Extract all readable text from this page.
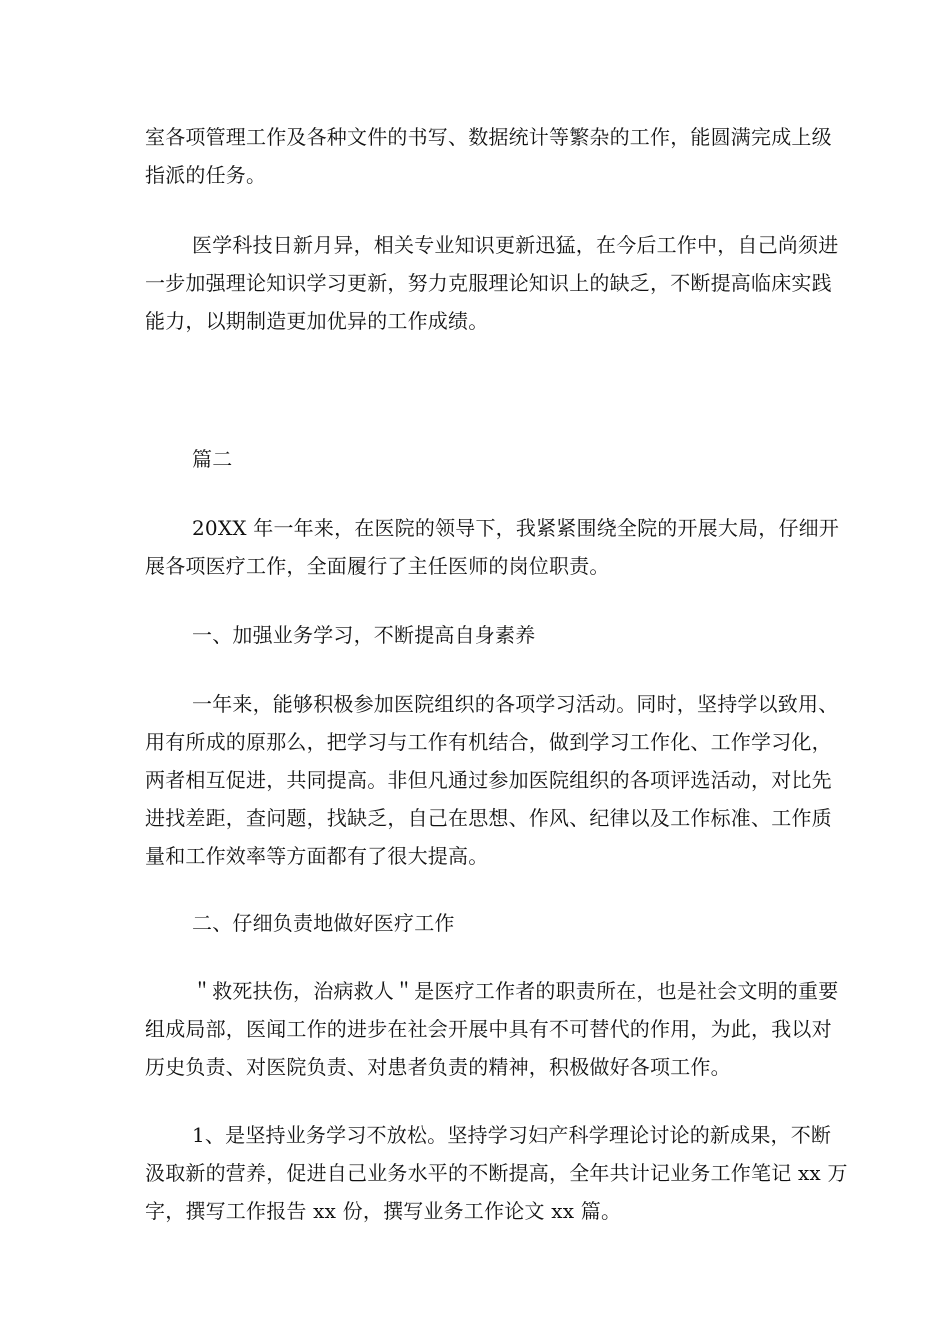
室各项管理工作及各种文件的书写、数据统计等繁杂的工作，能圆满完成上级
指派的任务。
医学科技日新月异，相关专业知识更新迅猛，在今后工作中，自己尚须进
一步加强理论知识学习更新，努力克服理论知识上的缺乏，不断提高临床实践
能力，以期制造更加优异的工作成绩。
篇二
20XX 年一年来，在医院的领导下，我紧紧围绕全院的开展大局，仔细开
展各项医疗工作，全面履行了主任医师的岗位职责。
一、加强业务学习，不断提高自身素养
一年来，能够积极参加医院组织的各项学习活动。同时，坚持学以致用、
用有所成的原那么，把学习与工作有机结合，做到学习工作化、工作学习化，
两者相互促进，共同提高。非但凡通过参加医院组织的各项评选活动，对比先
进找差距，查问题，找缺乏，自己在思想、作风、纪律以及工作标准、工作质
量和工作效率等方面都有了很大提高。
二、仔细负责地做好医疗工作
＂救死扶伤，治病救人＂是医疗工作者的职责所在，也是社会文明的重要
组成局部，医闻工作的进步在社会开展中具有不可替代的作用，为此，我以对
历史负责、对医院负责、对患者负责的精神，积极做好各项工作。
1、是坚持业务学习不放松。坚持学习妇产科学理论讨论的新成果，不断
汲取新的营养，促进自己业务水平的不断提高，全年共计记业务工作笔记 xx 万
字，撰写工作报告 xx 份，撰写业务工作论文 xx 篇。
